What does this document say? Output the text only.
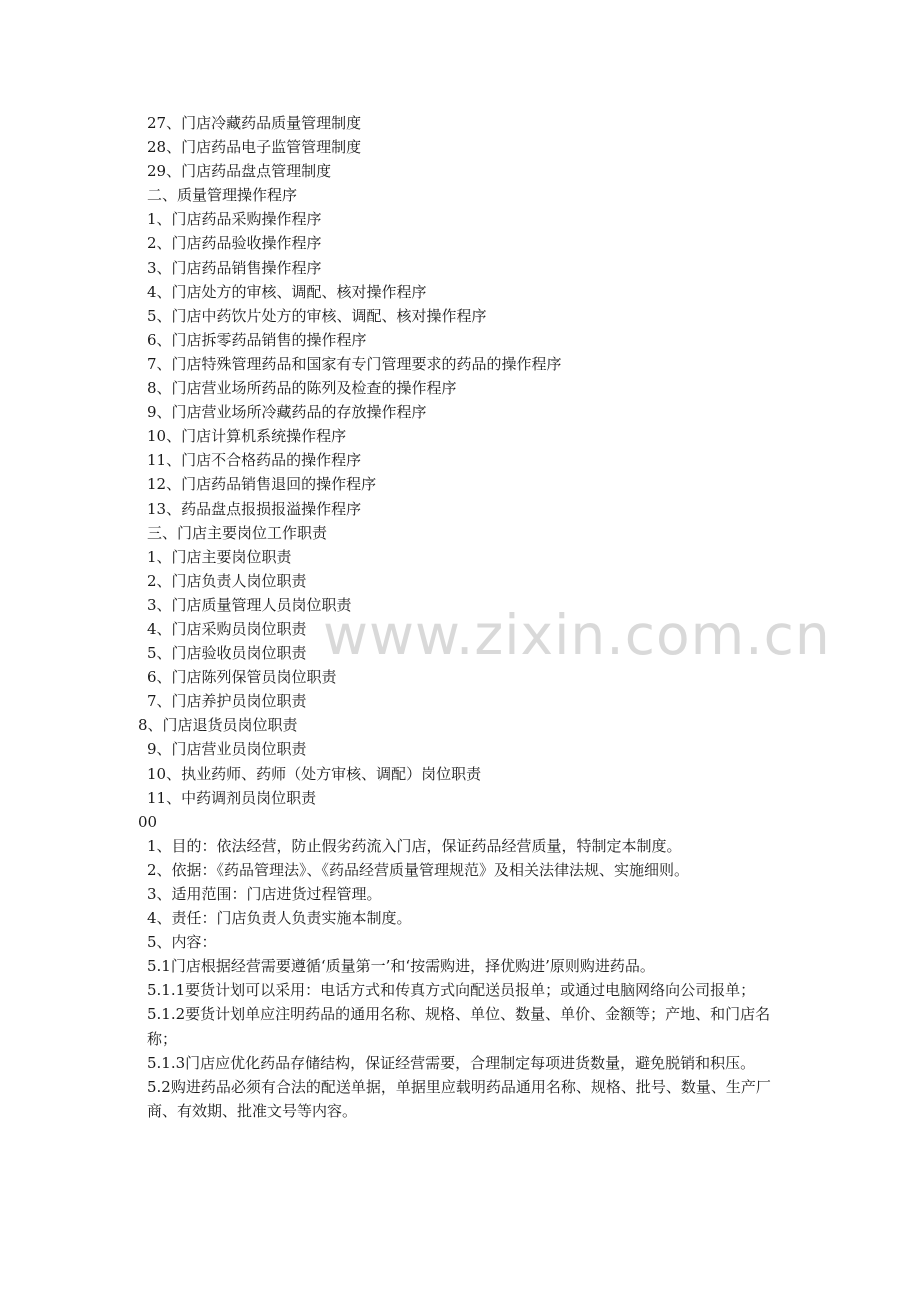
27、门店冷藏药品质量管理制度
28、门店药品电子监管管理制度
29、门店药品盘点管理制度
二、质量管理操作程序
1、门店药品采购操作程序
2、门店药品验收操作程序
3、门店药品销售操作程序
4、门店处方的审核、调配、核对操作程序
5、门店中药饮片处方的审核、调配、核对操作程序
6、门店拆零药品销售的操作程序
7、门店特殊管理药品和国家有专门管理要求的药品的操作程序
8、门店营业场所药品的陈列及检查的操作程序
9、门店营业场所冷藏药品的存放操作程序
10、门店计算机系统操作程序
11、门店不合格药品的操作程序
12、门店药品销售退回的操作程序
13、药品盘点报损报溢操作程序
三、门店主要岗位工作职责
1、门店主要岗位职责
2、门店负责人岗位职责
3、门店质量管理人员岗位职责
4、门店采购员岗位职责
5、门店验收员岗位职责
6、门店陈列保管员岗位职责
7、门店养护员岗位职责
8、门店退货员岗位职责
9、门店营业员岗位职责
10、执业药师、药师（处方审核、调配）岗位职责
11、中药调剂员岗位职责
00
1、目的：依法经营，防止假劣药流入门店，保证药品经营质量，特制定本制度。
2、依据：《药品管理法》、《药品经营质量管理规范》及相关法律法规、实施细则。
3、适用范围：门店进货过程管理。
4、责任：门店负责人负责实施本制度。
5、内容：
5.1门店根据经营需要遵循‘质量第一’和‘按需购进，择优购进’原则购进药品。
5.1.1要货计划可以采用：电话方式和传真方式向配送员报单；或通过电脑网络向公司报单；
5.1.2要货计划单应注明药品的通用名称、规格、单位、数量、单价、金额等；产地、和门店名称；
5.1.3门店应优化药品存储结构，保证经营需要，合理制定每项进货数量，避免脱销和积压。
5.2购进药品必须有合法的配送单据，单据里应载明药品通用名称、规格、批号、数量、生产厂商、有效期、批准文号等内容。
www.zixin.com.cn
